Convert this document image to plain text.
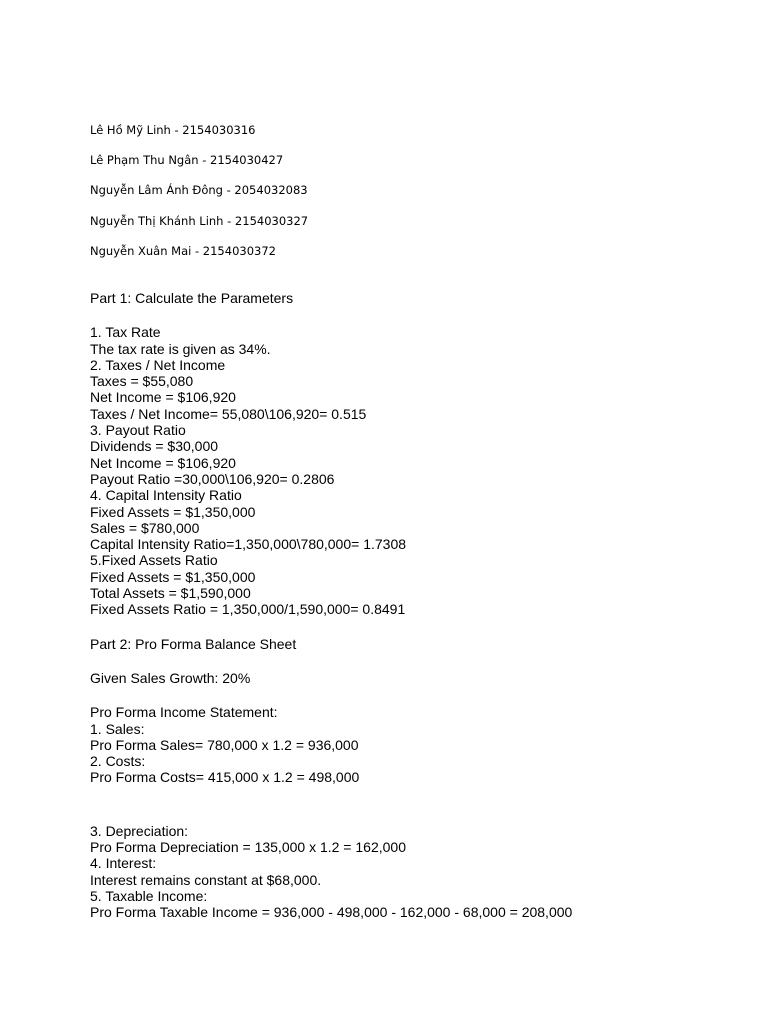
Lê Hồ Mỹ Linh - 2154030316
Lê Phạm Thu Ngân - 2154030427
Nguyễn Lâm Ánh Đông - 2054032083
Nguyễn Thị Khánh Linh - 2154030327
Nguyễn Xuân Mai - 2154030372
Part 1: Calculate the Parameters
1. Tax Rate
The tax rate is given as 34%.
2. Taxes / Net Income
Taxes = $55,080
Net Income = $106,920
Taxes / Net Income= 55,080\106,920= 0.515
3. Payout Ratio
Dividends = $30,000
Net Income = $106,920
Payout Ratio =30,000\106,920= 0.2806
4. Capital Intensity Ratio
Fixed Assets = $1,350,000
Sales = $780,000
Capital Intensity Ratio=1,350,000\780,000= 1.7308
5.Fixed Assets Ratio
Fixed Assets = $1,350,000
Total Assets = $1,590,000
Fixed Assets Ratio = 1,350,000/1,590,000= 0.8491
Part 2: Pro Forma Balance Sheet
Given Sales Growth: 20%
Pro Forma Income Statement:
1. Sales:
Pro Forma Sales= 780,000 x 1.2 = 936,000
2. Costs:
Pro Forma Costs= 415,000 x 1.2 = 498,000
3. Depreciation:
Pro Forma Depreciation = 135,000 x 1.2 = 162,000
4. Interest:
Interest remains constant at $68,000.
5. Taxable Income:
Pro Forma Taxable Income = 936,000 - 498,000 - 162,000 - 68,000 = 208,000
